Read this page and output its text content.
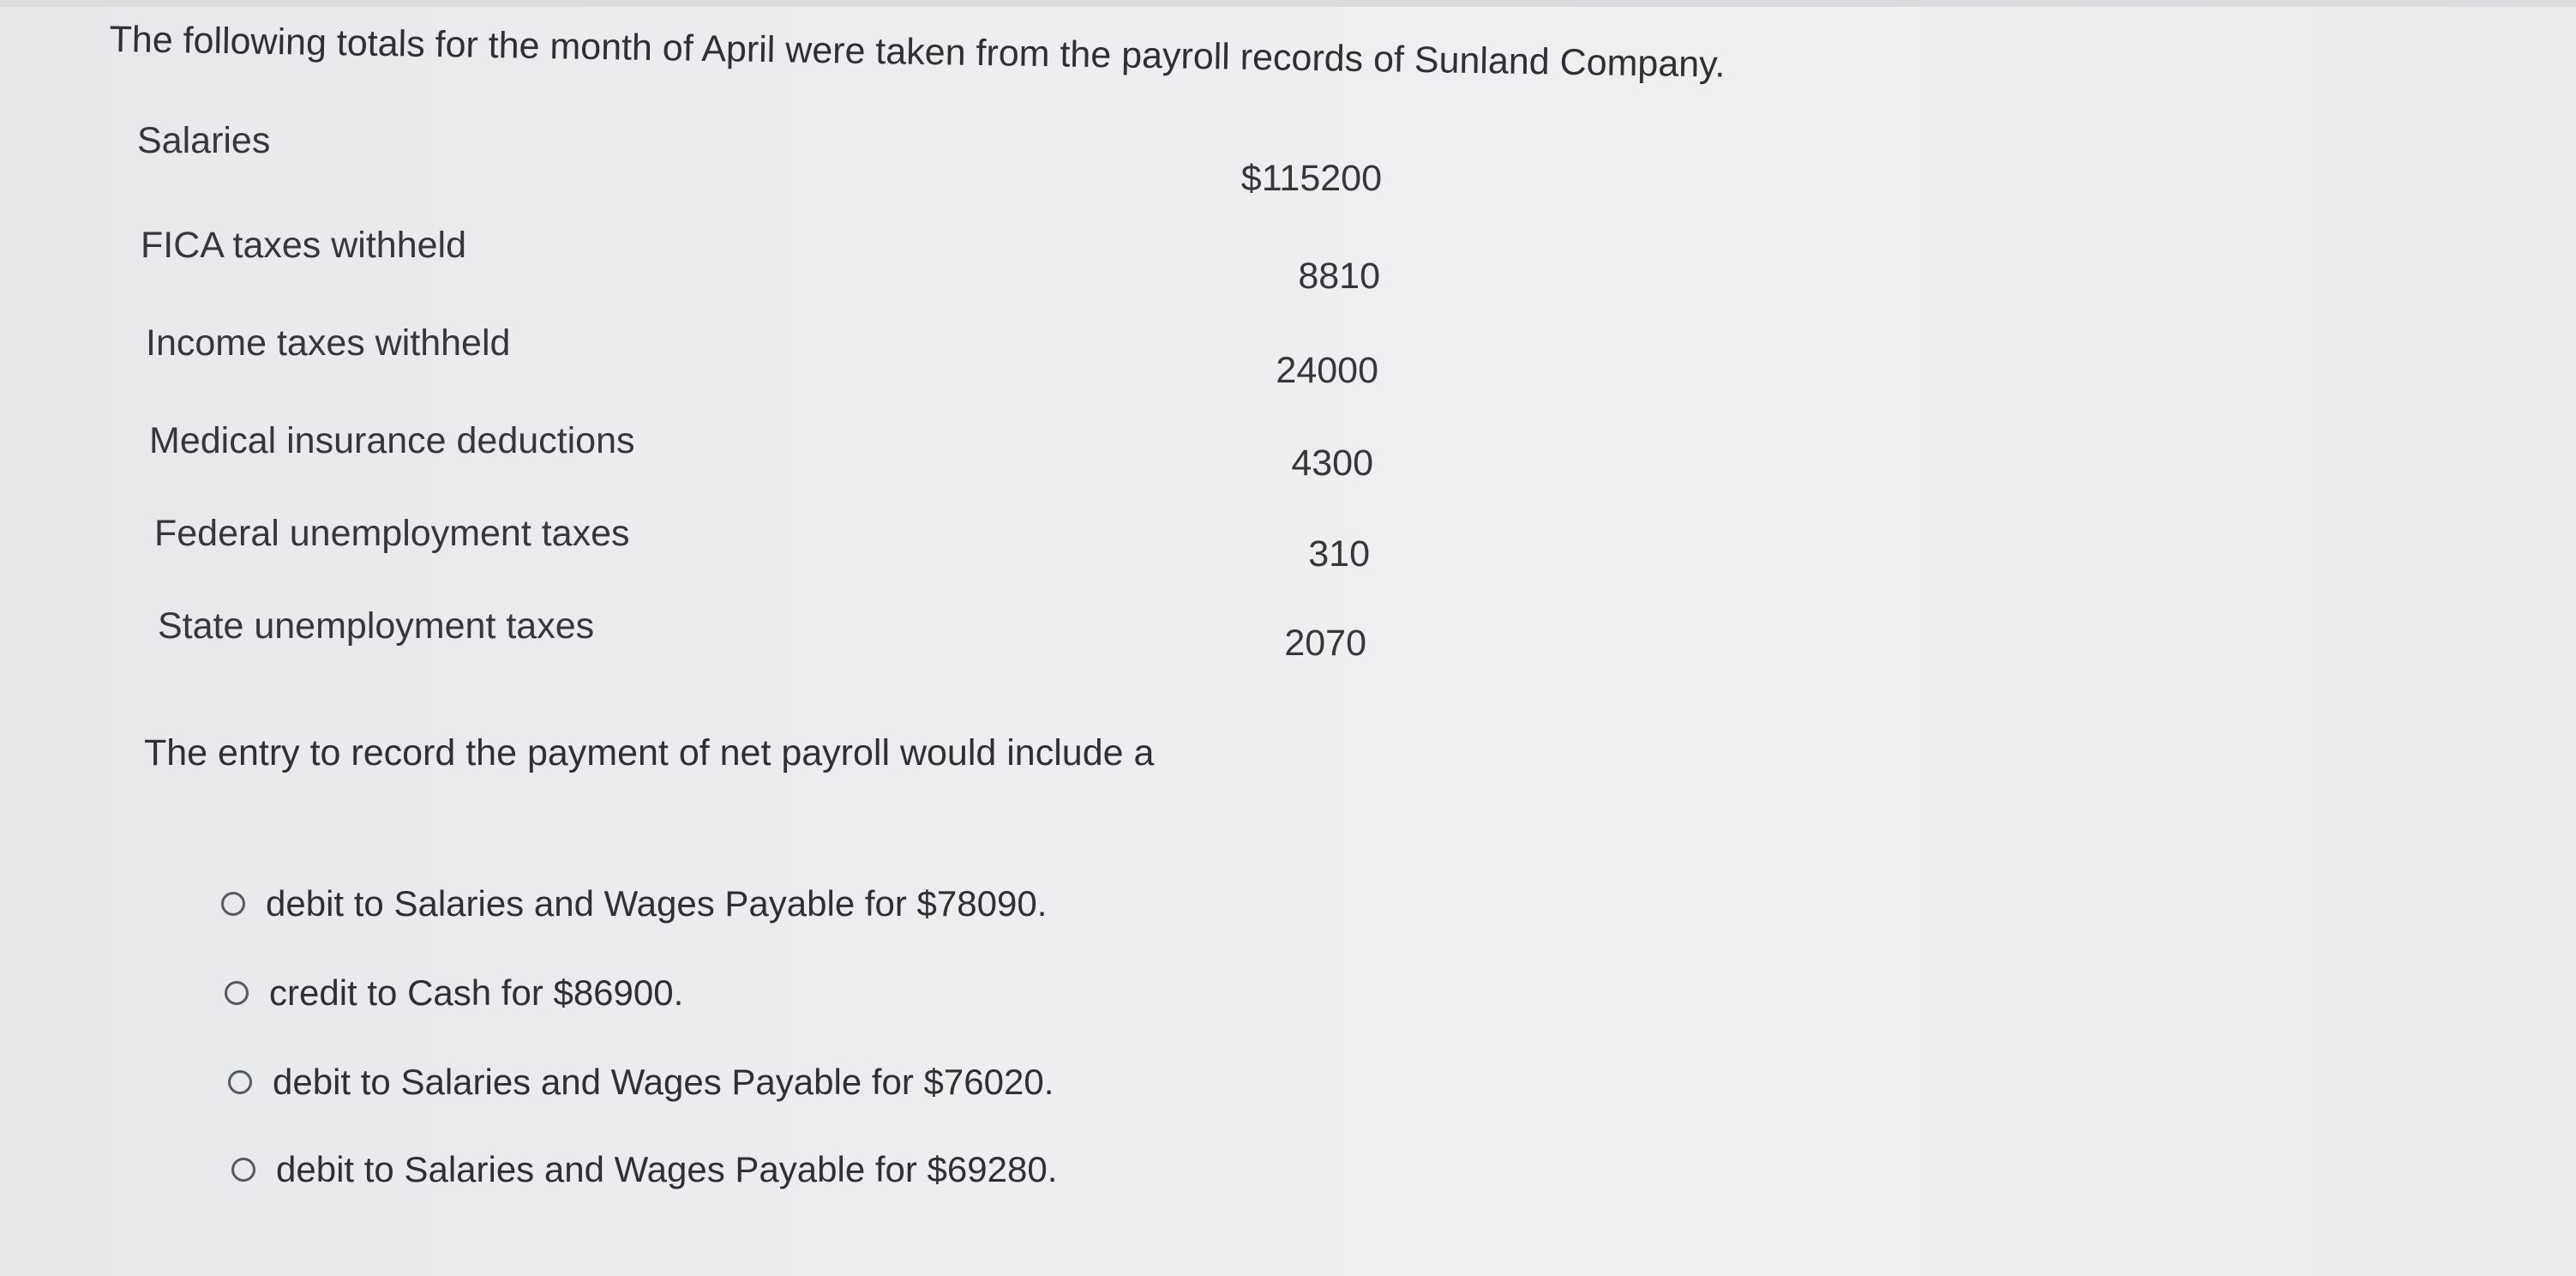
The following totals for the month of April were taken from the payroll records of Sunland Company.
Salaries
$115200
FICA taxes withheld
8810
Income taxes withheld
24000
Medical insurance deductions
4300
Federal unemployment taxes	310
State unemployment taxes	2070
The entry to record the payment of net payroll would include a
debit to Salaries and Wages Payable for $78090.
credit to Cash for $86900.
debit to Salaries and Wages Payable for $76020.
debit to Salaries and Wages Payable for $69280.
